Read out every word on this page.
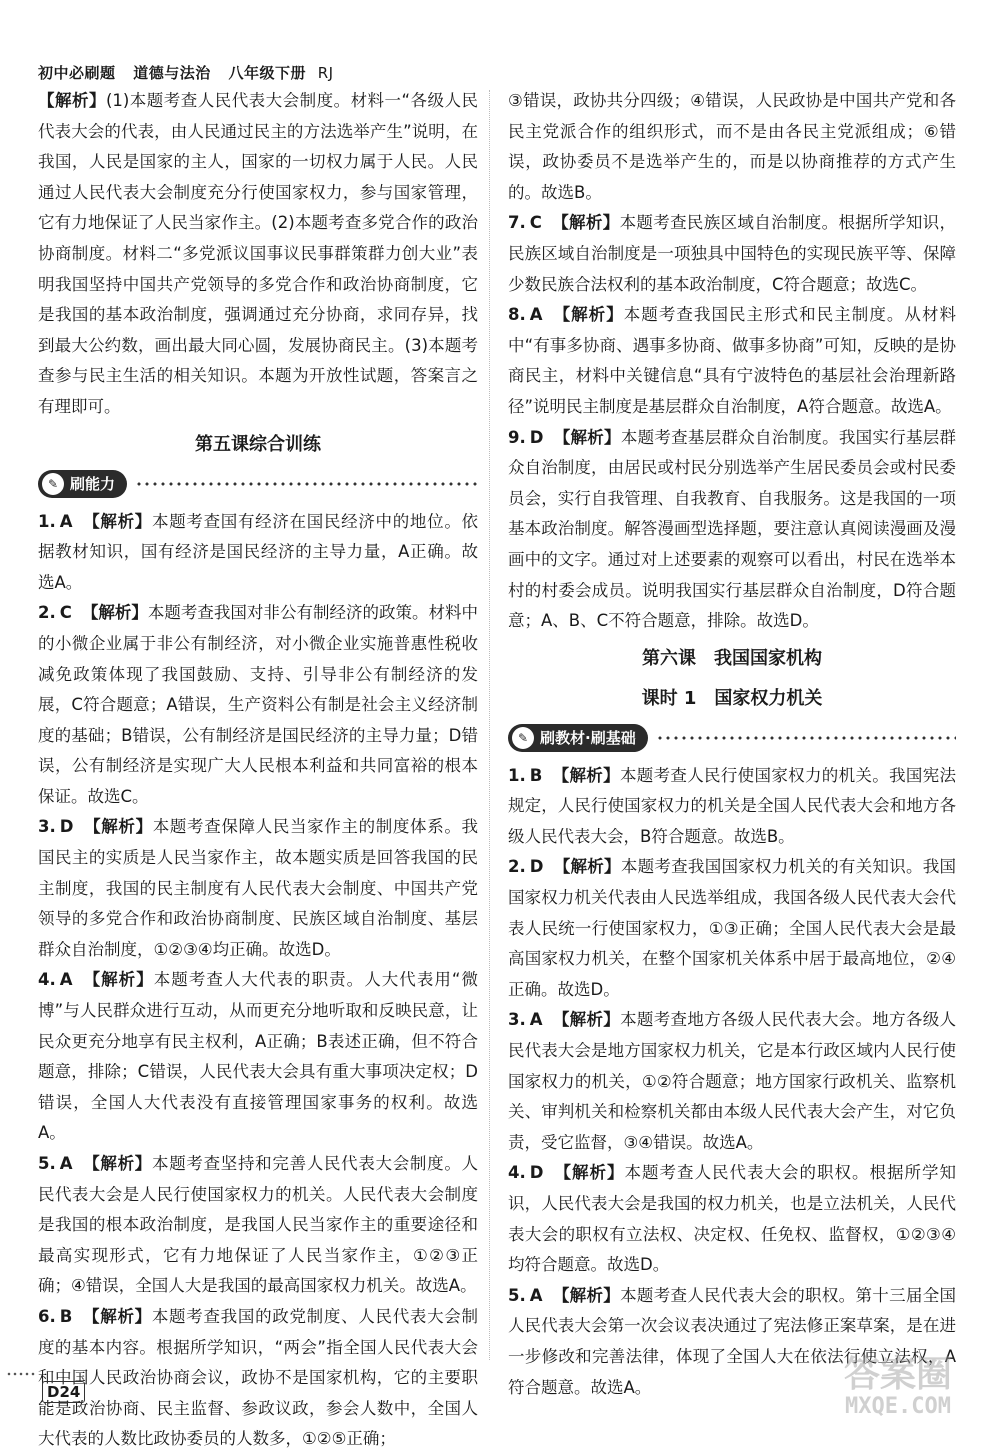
初中必刷题 道德与法治 八年级下册 RJ

【解析】(1)本题考查人民代表大会制度。材料一“各级人民代表大会的代表，由人民通过民主的方法选举产生”说明，在我国，人民是国家的主人，国家的一切权力属于人民。人民通过人民代表大会制度充分行使国家权力，参与国家管理，它有力地保证了人民当家作主。(2)本题考查多党合作的政治协商制度。材料二“多党派议国事议民事群策群力创大业”表明我国坚持中国共产党领导的多党合作和政治协商制度，它是我国的基本政治制度，强调通过充分协商，求同存异，找到最大公约数，画出最大同心圆，发展协商民主。(3)本题考查参与民主生活的相关知识。本题为开放性试题，答案言之有理即可。

第五课综合训练
✎ 刷能力

1. A 【解析】本题考查国有经济在国民经济中的地位。依据教材知识，国有经济是国民经济的主导力量，A正确。故选A。

2. C 【解析】本题考查我国对非公有制经济的政策。材料中的小微企业属于非公有制经济，对小微企业实施普惠性税收减免政策体现了我国鼓励、支持、引导非公有制经济的发展，C符合题意；A错误，生产资料公有制是社会主义经济制度的基础；B错误，公有制经济是国民经济的主导力量；D错误，公有制经济是实现广大人民根本利益和共同富裕的根本保证。故选C。

3. D 【解析】本题考查保障人民当家作主的制度体系。我国民主的实质是人民当家作主，故本题实质是回答我国的民主制度，我国的民主制度有人民代表大会制度、中国共产党领导的多党合作和政治协商制度、民族区域自治制度、基层群众自治制度，①②③④均正确。故选D。

4. A 【解析】本题考查人大代表的职责。人大代表用“微博”与人民群众进行互动，从而更充分地听取和反映民意，让民众更充分地享有民主权利，A正确；B表述正确，但不符合题意，排除；C错误，人民代表大会具有重大事项决定权；D错误，全国人大代表没有直接管理国家事务的权利。故选A。

5. A 【解析】本题考查坚持和完善人民代表大会制度。人民代表大会是人民行使国家权力的机关。人民代表大会制度是我国的根本政治制度，是我国人民当家作主的重要途径和最高实现形式，它有力地保证了人民当家作主，①②③正确；④错误，全国人大是我国的最高国家权力机关。故选A。

6. B 【解析】本题考查我国的政党制度、人民代表大会制度的基本内容。根据所学知识，“两会”指全国人民代表大会和中国人民政治协商会议，政协不是国家机构，它的主要职能是政治协商、民主监督、参政议政，参会人数中，全国人大代表的人数比政协委员的人数多，①②⑤正确；

③错误，政协共分四级；④错误，人民政协是中国共产党和各民主党派合作的组织形式，而不是由各民主党派组成；⑥错误，政协委员不是选举产生的，而是以协商推荐的方式产生的。故选B。

7. C 【解析】本题考查民族区域自治制度。根据所学知识，民族区域自治制度是一项独具中国特色的实现民族平等、保障少数民族合法权利的基本政治制度，C符合题意；故选C。

8. A 【解析】本题考查我国民主形式和民主制度。从材料中“有事多协商、遇事多协商、做事多协商”可知，反映的是协商民主，材料中关键信息“具有宁波特色的基层社会治理新路径”说明民主制度是基层群众自治制度，A符合题意。故选A。

9. D 【解析】本题考查基层群众自治制度。我国实行基层群众自治制度，由居民或村民分别选举产生居民委员会或村民委员会，实行自我管理、自我教育、自我服务。这是我国的一项基本政治制度。解答漫画型选择题，要注意认真阅读漫画及漫画中的文字。通过对上述要素的观察可以看出，村民在选举本村的村委会成员。说明我国实行基层群众自治制度，D符合题意；A、B、C不符合题意，排除。故选D。

第六课　我国国家机构
课时 1　国家权力机关
✎ 刷教材·刷基础

1. B 【解析】本题考查人民行使国家权力的机关。我国宪法规定，人民行使国家权力的机关是全国人民代表大会和地方各级人民代表大会，B符合题意。故选B。

2. D 【解析】本题考查我国国家权力机关的有关知识。我国国家权力机关代表由人民选举组成，我国各级人民代表大会代表人民统一行使国家权力，①③正确；全国人民代表大会是最高国家权力机关，在整个国家机关体系中居于最高地位，②④正确。故选D。

3. A 【解析】本题考查地方各级人民代表大会。地方各级人民代表大会是地方国家权力机关，它是本行政区域内人民行使国家权力的机关，①②符合题意；地方国家行政机关、监察机关、审判机关和检察机关都由本级人民代表大会产生，对它负责，受它监督，③④错误。故选A。

4. D 【解析】本题考查人民代表大会的职权。根据所学知识，人民代表大会是我国的权力机关，也是立法机关，人民代表大会的职权有立法权、决定权、任免权、监督权，①②③④均符合题意。故选D。

5. A 【解析】本题考查人民代表大会的职权。第十三届全国人民代表大会第一次会议表决通过了宪法修正案草案，是在进一步修改和完善法律，体现了全国人大在依法行使立法权，A符合题意。故选A。

D24	答案圈
MXQE.COM
